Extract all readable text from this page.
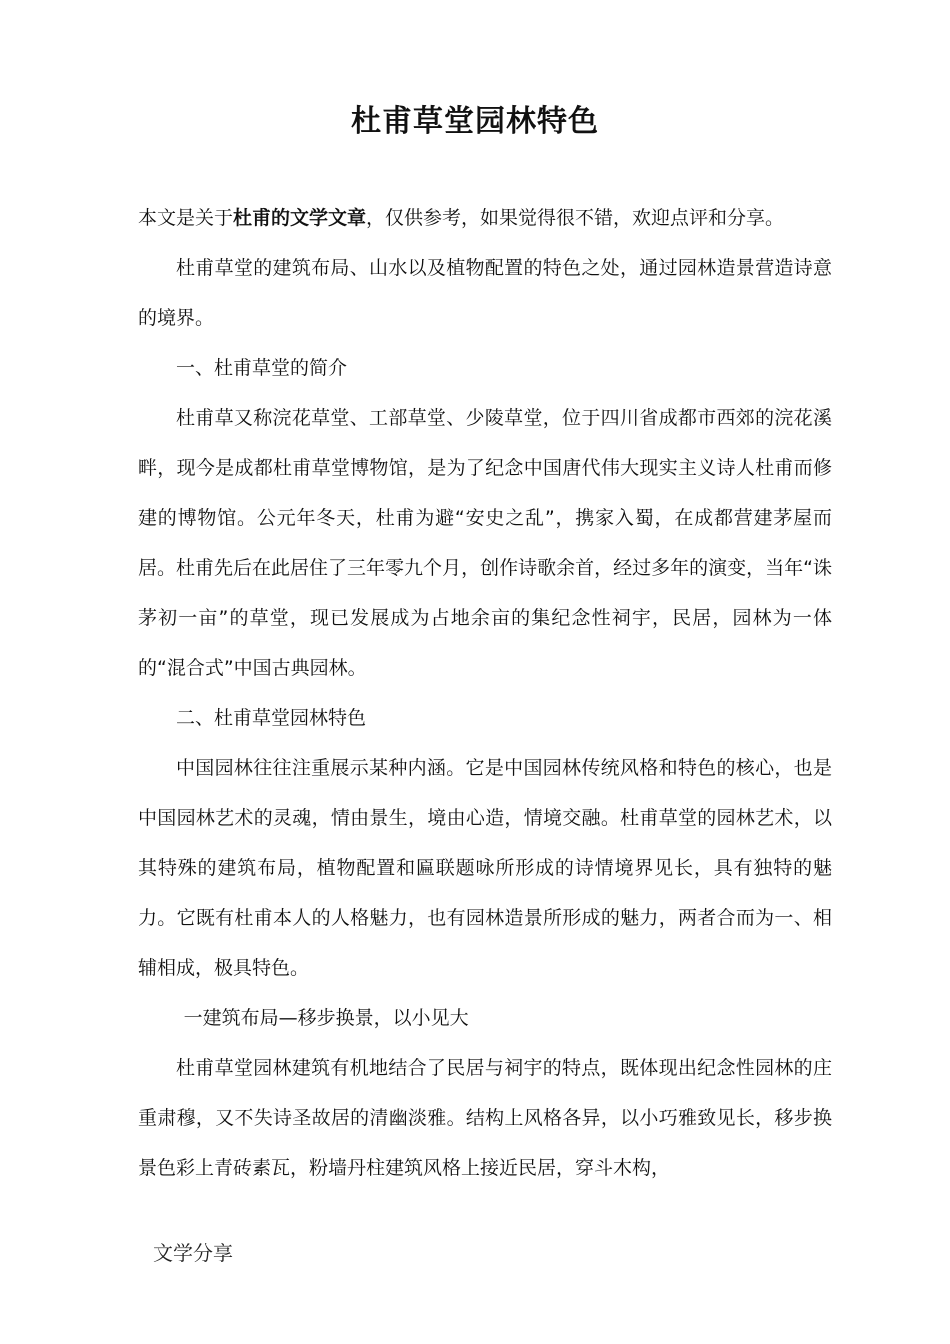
杜甫草堂园林特色

本文是关于杜甫的文学文章，仅供参考，如果觉得很不错，欢迎点评和分享。

杜甫草堂的建筑布局、山水以及植物配置的特色之处，通过园林造景营造诗意的境界。

一、杜甫草堂的简介

杜甫草又称浣花草堂、工部草堂、少陵草堂，位于四川省成都市西郊的浣花溪畔，现今是成都杜甫草堂博物馆，是为了纪念中国唐代伟大现实主义诗人杜甫而修建的博物馆。公元年冬天，杜甫为避“安史之乱”，携家入蜀，在成都营建茅屋而居。杜甫先后在此居住了三年零九个月，创作诗歌余首，经过多年的演变，当年“诛茅初一亩”的草堂，现已发展成为占地余亩的集纪念性祠宇，民居，园林为一体的“混合式”中国古典园林。

二、杜甫草堂园林特色

中国园林往往注重展示某种内涵。它是中国园林传统风格和特色的核心，也是中国园林艺术的灵魂，情由景生，境由心造，情境交融。杜甫草堂的园林艺术，以其特殊的建筑布局，植物配置和匾联题咏所形成的诗情境界见长，具有独特的魅力。它既有杜甫本人的人格魅力，也有园林造景所形成的魅力，两者合而为一、相辅相成，极具特色。

一建筑布局—移步换景，以小见大

杜甫草堂园林建筑有机地结合了民居与祠宇的特点，既体现出纪念性园林的庄重肃穆，又不失诗圣故居的清幽淡雅。结构上风格各异，以小巧雅致见长，移步换景色彩上青砖素瓦，粉墙丹柱建筑风格上接近民居，穿斗木构，

文学分享
